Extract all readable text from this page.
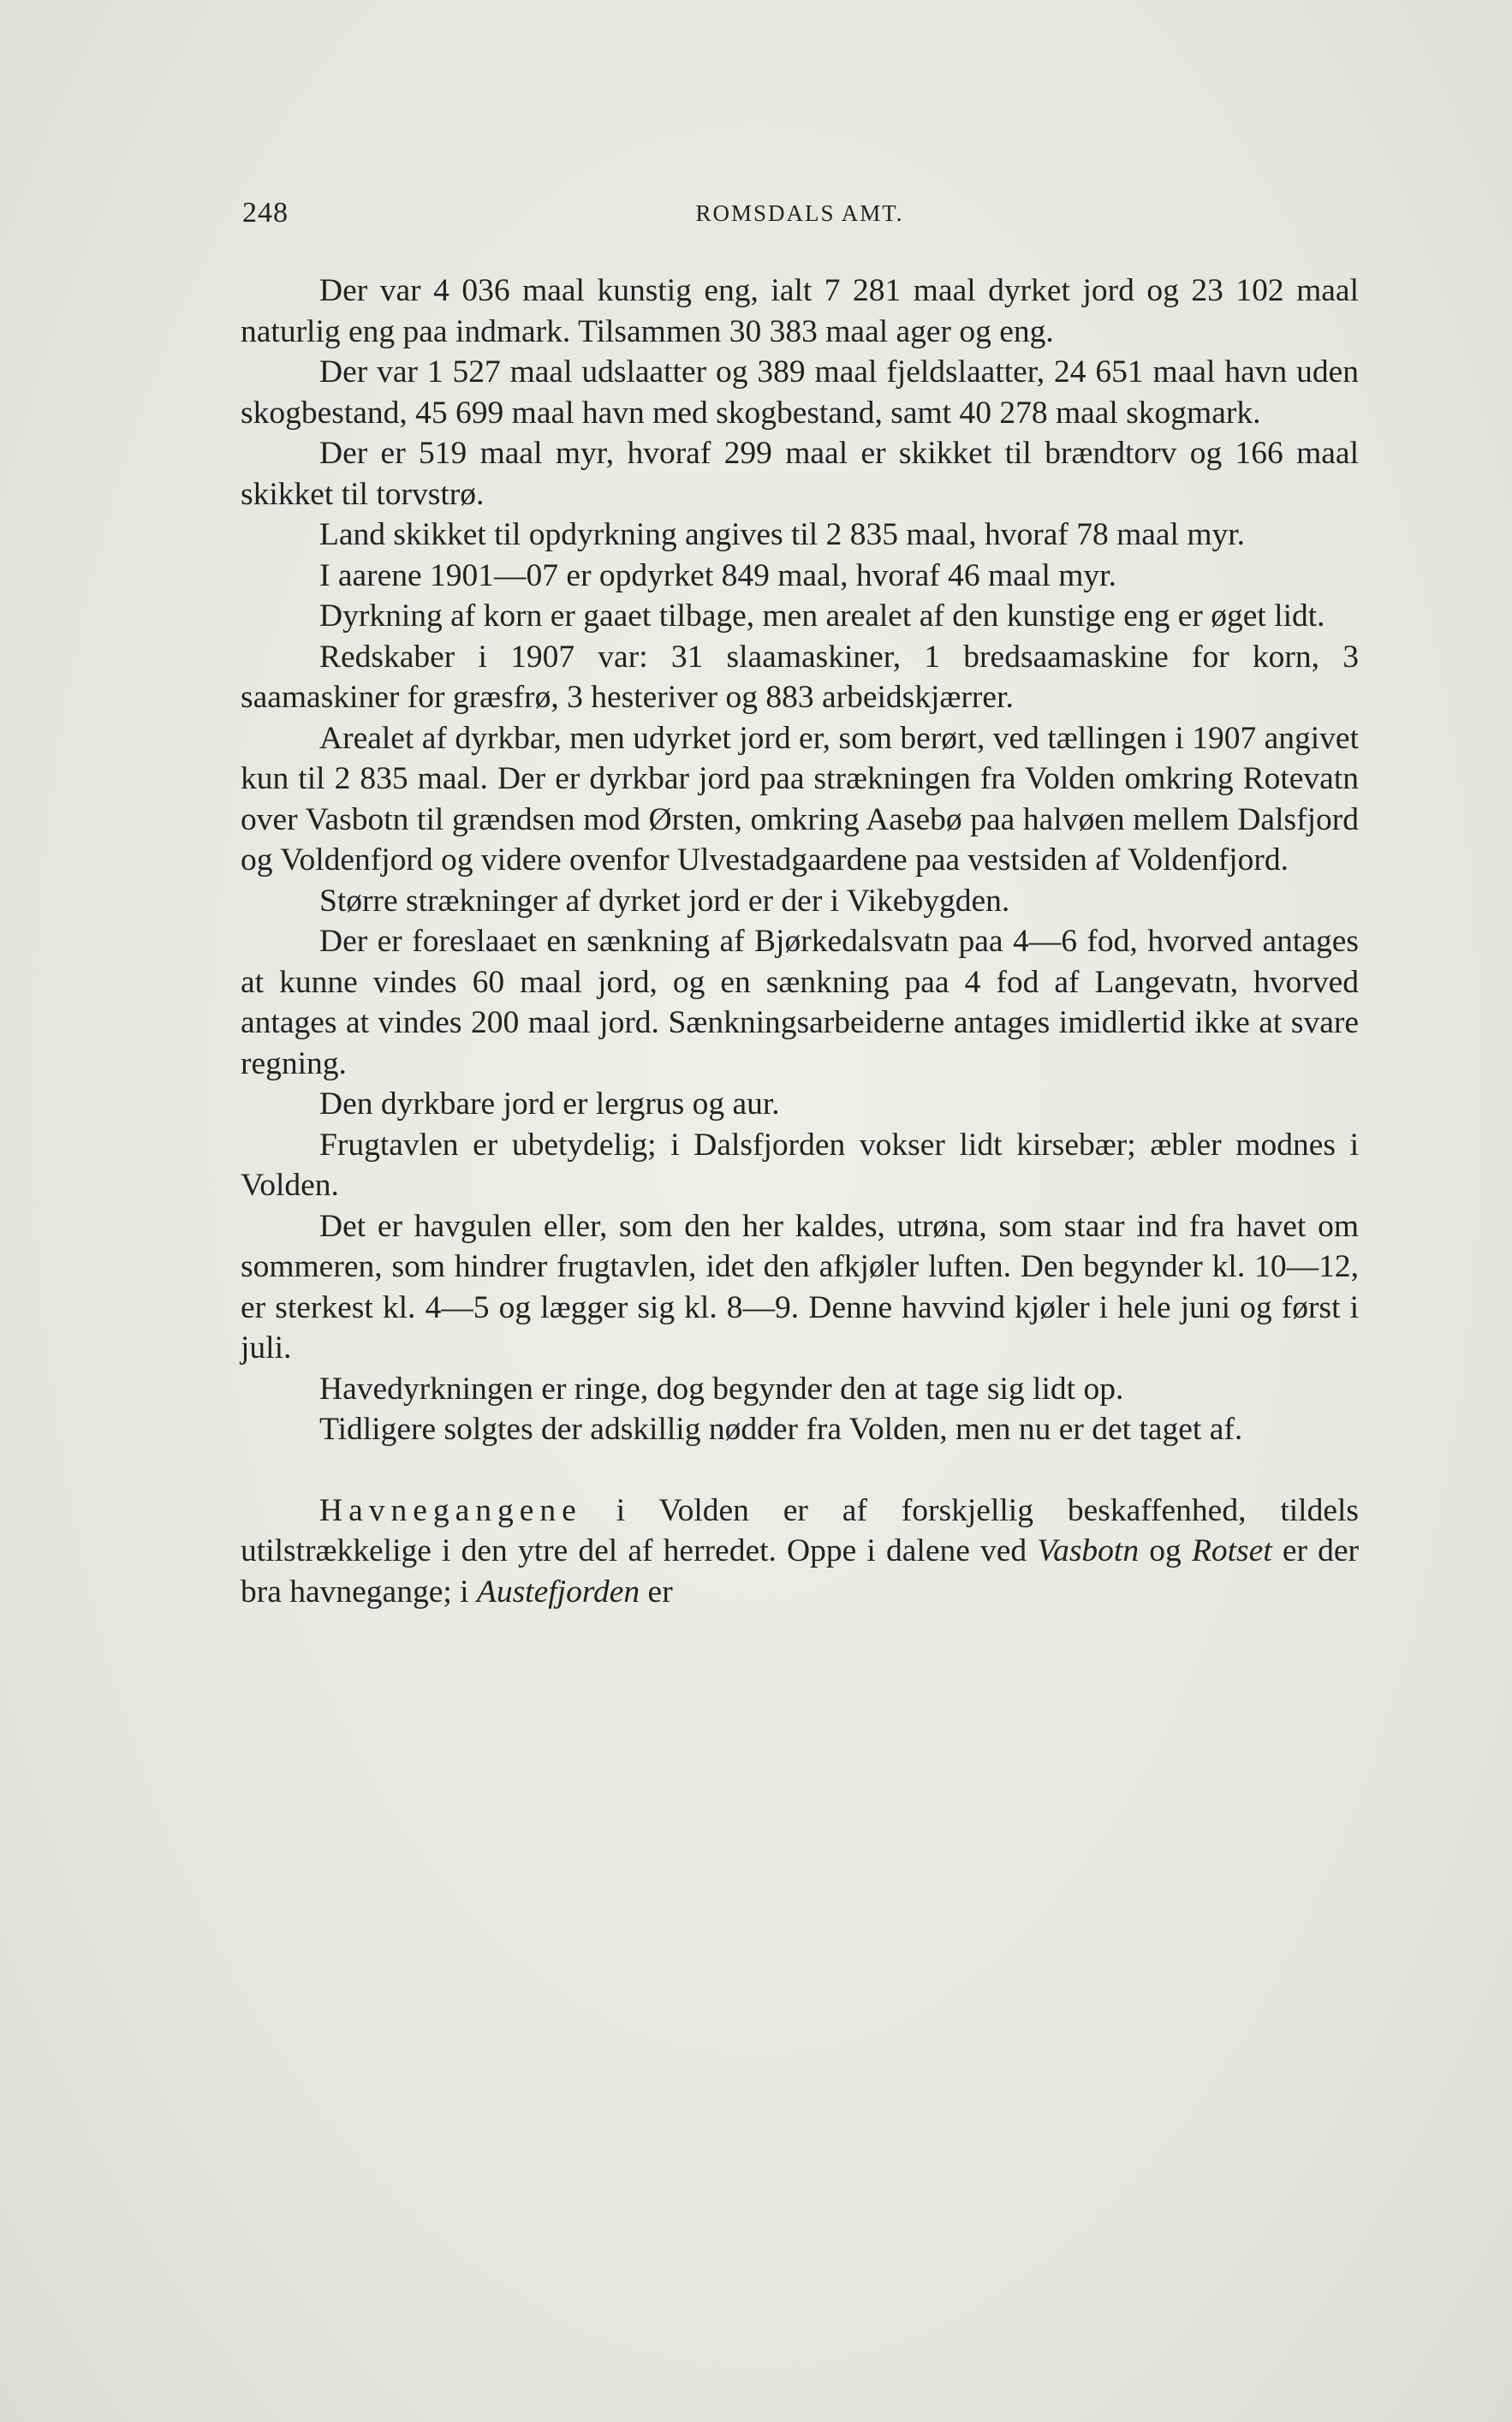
248	ROMSDALS AMT.

Der var 4 036 maal kunstig eng, ialt 7 281 maal dyrket jord og 23 102 maal naturlig eng paa indmark. Tilsammen 30 383 maal ager og eng.

Der var 1 527 maal udslaatter og 389 maal fjeldslaatter, 24 651 maal havn uden skogbestand, 45 699 maal havn med skogbestand, samt 40 278 maal skogmark.

Der er 519 maal myr, hvoraf 299 maal er skikket til brændtorv og 166 maal skikket til torvstrø.

Land skikket til opdyrkning angives til 2 835 maal, hvoraf 78 maal myr.

I aarene 1901—07 er opdyrket 849 maal, hvoraf 46 maal myr.

Dyrkning af korn er gaaet tilbage, men arealet af den kunstige eng er øget lidt.

Redskaber i 1907 var: 31 slaamaskiner, 1 bredsaamaskine for korn, 3 saamaskiner for græsfrø, 3 hesteriver og 883 arbeidskjærrer.

Arealet af dyrkbar, men udyrket jord er, som berørt, ved tællingen i 1907 angivet kun til 2 835 maal. Der er dyrkbar jord paa strækningen fra Volden omkring Rotevatn over Vasbotn til grændsen mod Ørsten, omkring Aasebø paa halvøen mellem Dalsfjord og Voldenfjord og videre ovenfor Ulvestadgaardene paa vestsiden af Voldenfjord.

Større strækninger af dyrket jord er der i Vikebygden.

Der er foreslaaet en sænkning af Bjørkedalsvatn paa 4—6 fod, hvorved antages at kunne vindes 60 maal jord, og en sænkning paa 4 fod af Langevatn, hvorved antages at vindes 200 maal jord. Sænkningsarbeiderne antages imidlertid ikke at svare regning.

Den dyrkbare jord er lergrus og aur.

Frugtavlen er ubetydelig; i Dalsfjorden vokser lidt kirsebær; æbler modnes i Volden.

Det er havgulen eller, som den her kaldes, utrøna, som staar ind fra havet om sommeren, som hindrer frugtavlen, idet den afkjøler luften. Den begynder kl. 10—12, er sterkest kl. 4—5 og lægger sig kl. 8—9. Denne havvind kjøler i hele juni og først i juli.

Havedyrkningen er ringe, dog begynder den at tage sig lidt op.

Tidligere solgtes der adskillig nødder fra Volden, men nu er det taget af.

Havnegangene i Volden er af forskjellig beskaffenhed, tildels utilstrækkelige i den ytre del af herredet. Oppe i dalene ved Vasbotn og Rotset er der bra havnegange; i Austefjorden er
